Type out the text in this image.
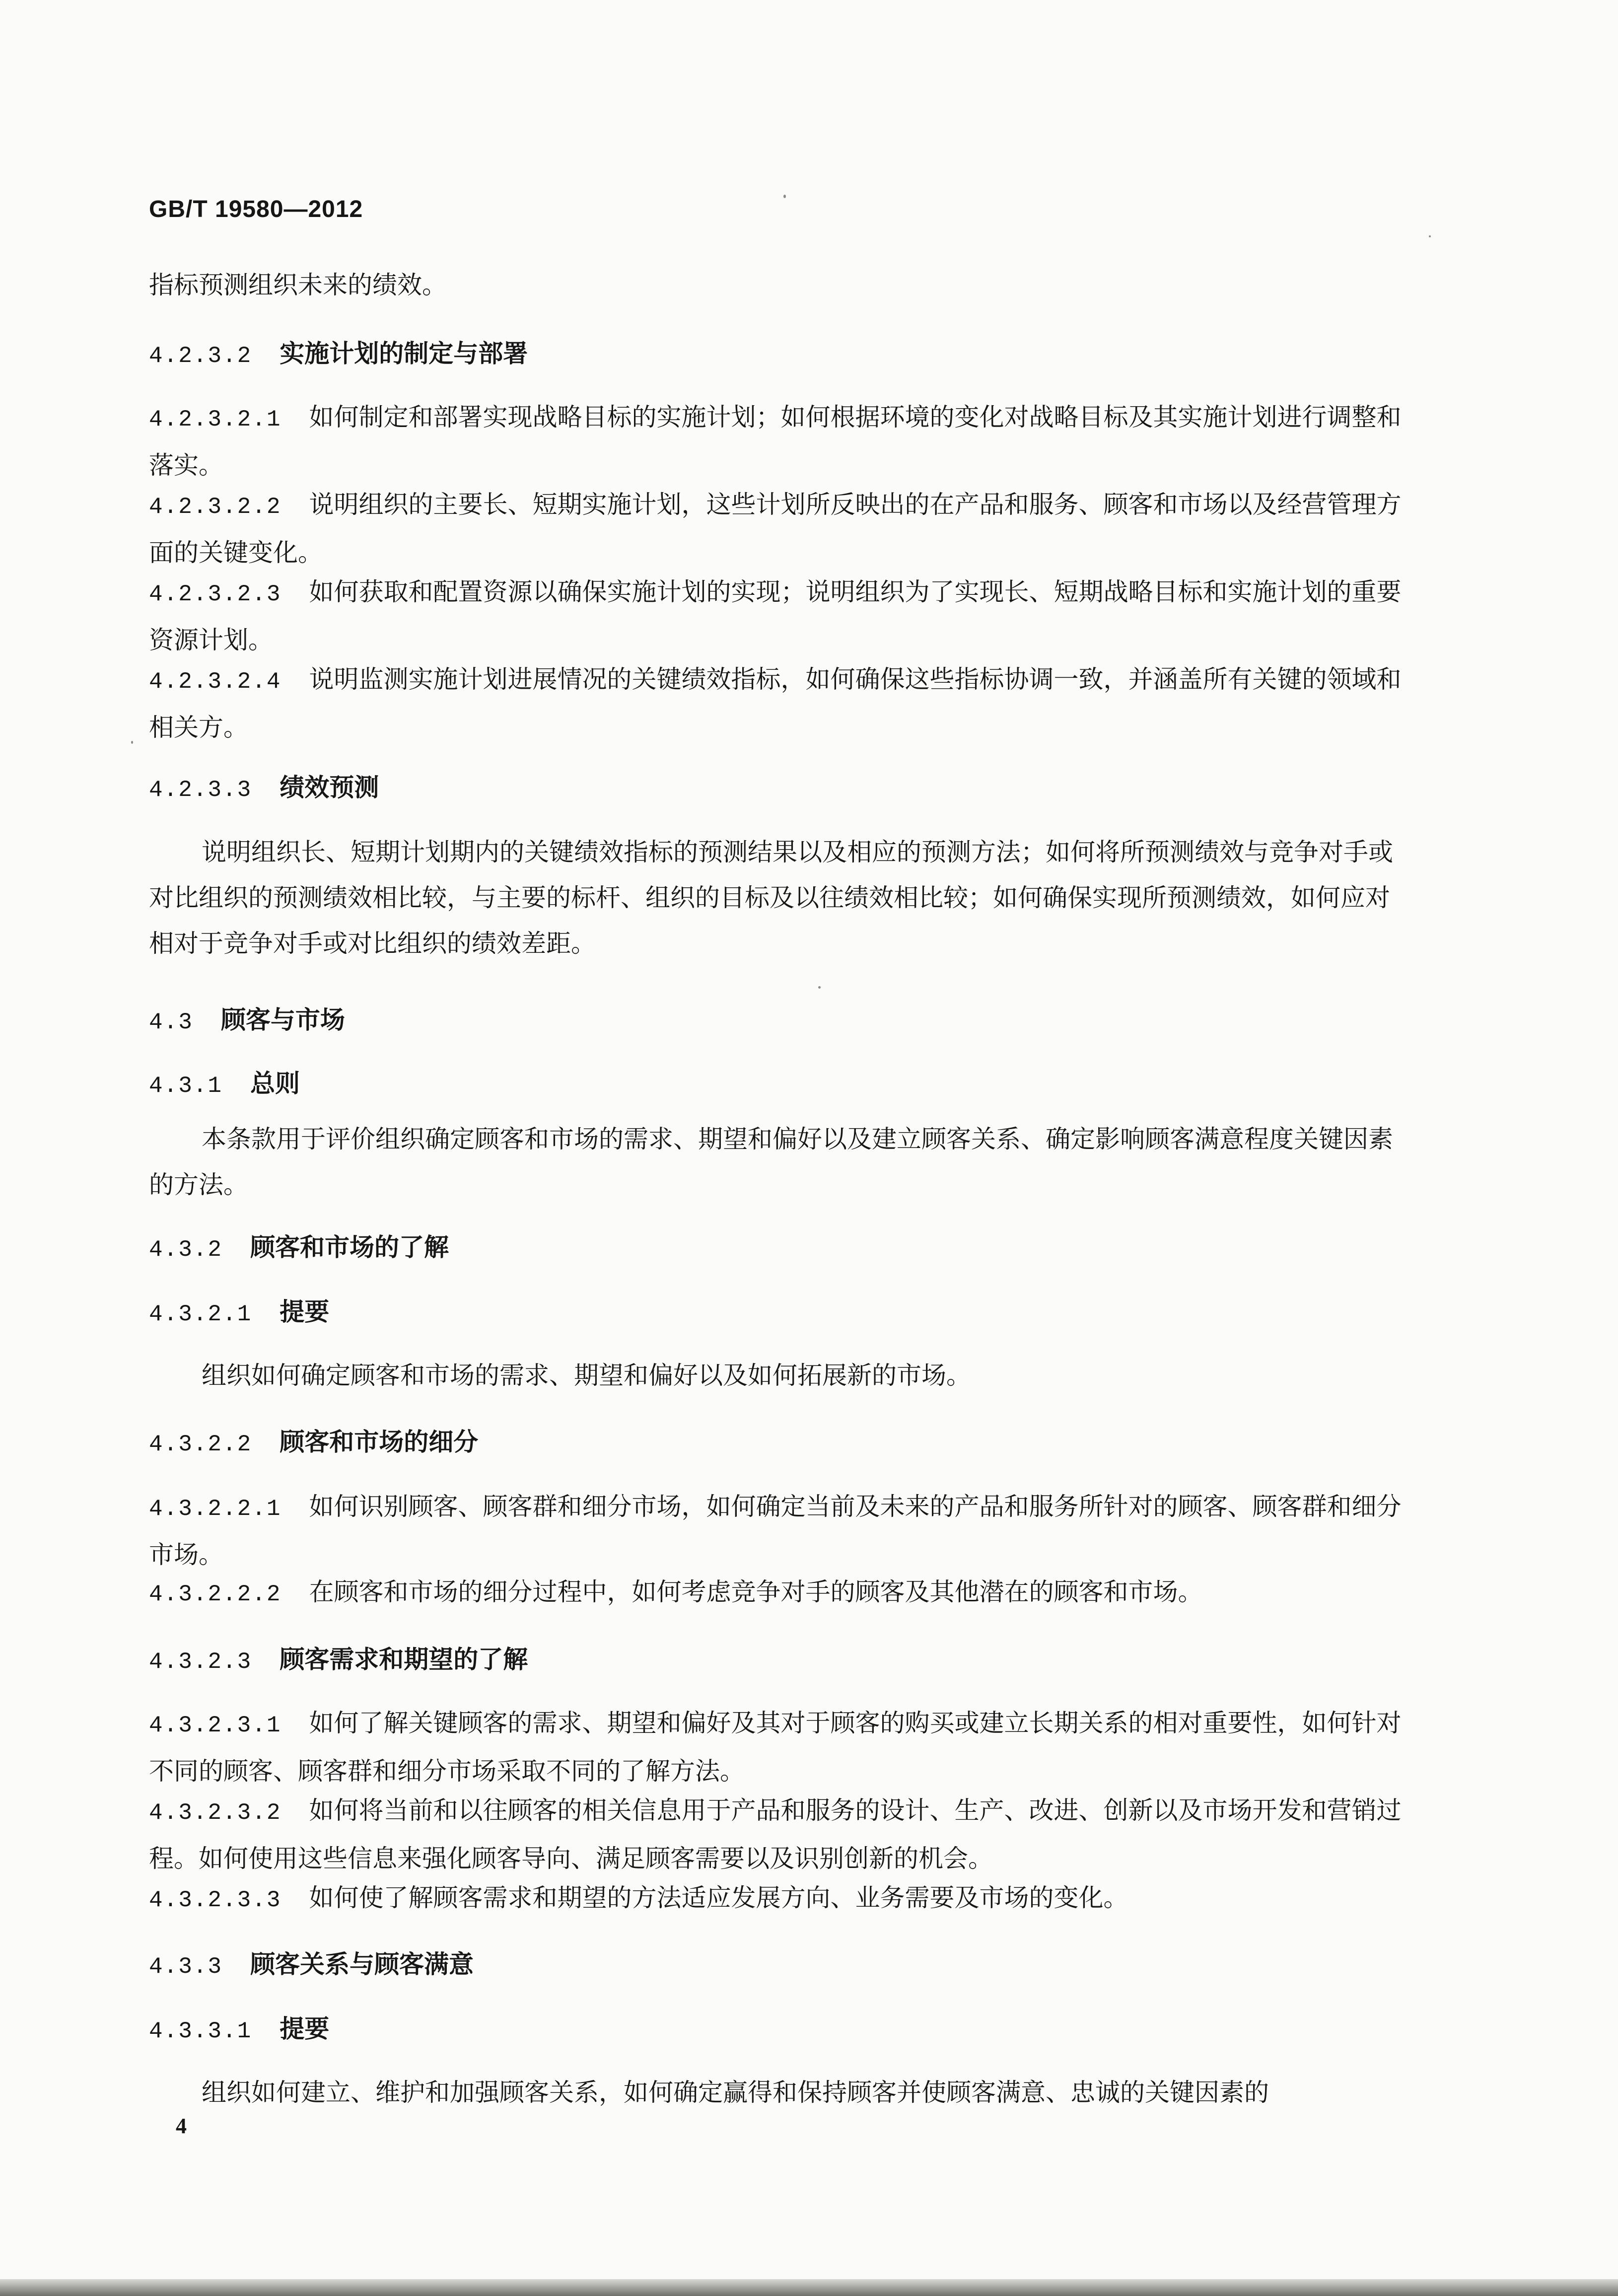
GB/T 19580—2012

指标预测组织未来的绩效。

4.2.3.2 实施计划的制定与部署

4.2.3.2.1 如何制定和部署实现战略目标的实施计划；如何根据环境的变化对战略目标及其实施计划进行调整和落实。

4.2.3.2.2 说明组织的主要长、短期实施计划，这些计划所反映出的在产品和服务、顾客和市场以及经营管理方面的关键变化。

4.2.3.2.3 如何获取和配置资源以确保实施计划的实现；说明组织为了实现长、短期战略目标和实施计划的重要资源计划。

4.2.3.2.4 说明监测实施计划进展情况的关键绩效指标，如何确保这些指标协调一致，并涵盖所有关键的领域和相关方。

4.2.3.3 绩效预测

说明组织长、短期计划期内的关键绩效指标的预测结果以及相应的预测方法；如何将所预测绩效与竞争对手或对比组织的预测绩效相比较，与主要的标杆、组织的目标及以往绩效相比较；如何确保实现所预测绩效，如何应对相对于竞争对手或对比组织的绩效差距。

4.3 顾客与市场

4.3.1 总则

本条款用于评价组织确定顾客和市场的需求、期望和偏好以及建立顾客关系、确定影响顾客满意程度关键因素的方法。

4.3.2 顾客和市场的了解

4.3.2.1 提要

组织如何确定顾客和市场的需求、期望和偏好以及如何拓展新的市场。

4.3.2.2 顾客和市场的细分

4.3.2.2.1 如何识别顾客、顾客群和细分市场，如何确定当前及未来的产品和服务所针对的顾客、顾客群和细分市场。

4.3.2.2.2 在顾客和市场的细分过程中，如何考虑竞争对手的顾客及其他潜在的顾客和市场。

4.3.2.3 顾客需求和期望的了解

4.3.2.3.1 如何了解关键顾客的需求、期望和偏好及其对于顾客的购买或建立长期关系的相对重要性，如何针对不同的顾客、顾客群和细分市场采取不同的了解方法。

4.3.2.3.2 如何将当前和以往顾客的相关信息用于产品和服务的设计、生产、改进、创新以及市场开发和营销过程。如何使用这些信息来强化顾客导向、满足顾客需要以及识别创新的机会。

4.3.2.3.3 如何使了解顾客需求和期望的方法适应发展方向、业务需要及市场的变化。

4.3.3 顾客关系与顾客满意

4.3.3.1 提要

组织如何建立、维护和加强顾客关系，如何确定赢得和保持顾客并使顾客满意、忠诚的关键因素的

4
